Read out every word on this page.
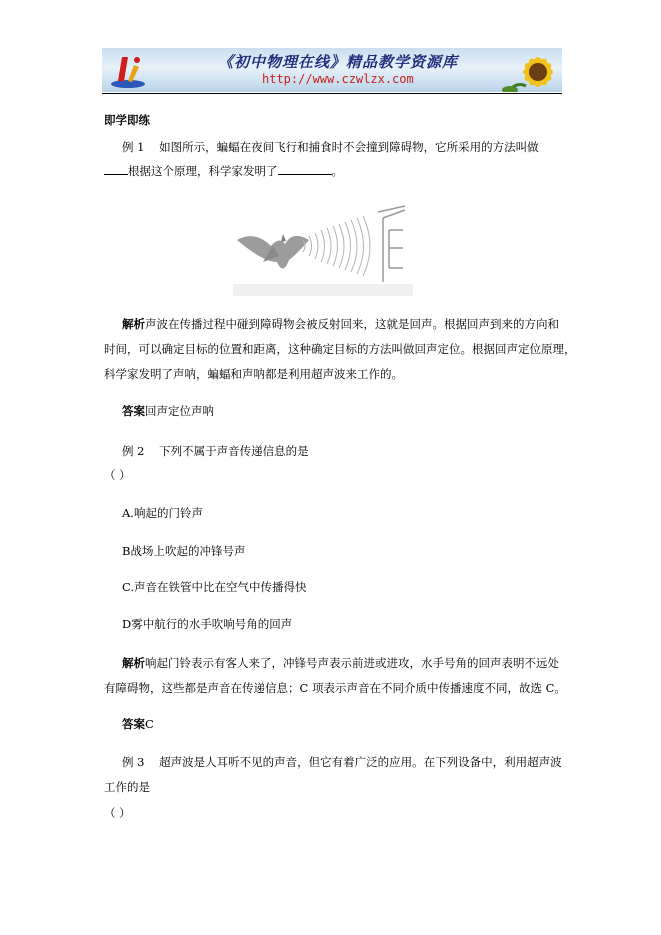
《初中物理在线》精品教学资源库
http://www.czwlzx.com
即学即练
例 1 如图所示，蝙蝠在夜间飞行和捕食时不会撞到障碍物，它所采用的方法叫做
根据这个原理，科学家发明了	。
解析声波在传播过程中碰到障碍物会被反射回来，这就是回声。根据回声到来的方向和
时间，可以确定目标的位置和距离，这种确定目标的方法叫做回声定位。根据回声定位原理，
科学家发明了声呐，蝙蝠和声呐都是利用超声波来工作的。
答案回声定位声呐
例 2 下列不属于声音传递信息的是
（ ）
A.响起的门铃声
B战场上吹起的冲锋号声
C.声音在铁管中比在空气中传播得快
D雾中航行的水手吹响号角的回声
解析响起门铃表示有客人来了，冲锋号声表示前进或进攻，水手号角的回声表明不远处
有障碍物，这些都是声音在传递信息；C 项表示声音在不同介质中传播速度不同，故选 C。
答案C
例 3 超声波是人耳听不见的声音，但它有着广泛的应用。在下列设备中，利用超声波
工作的是
（ ）
